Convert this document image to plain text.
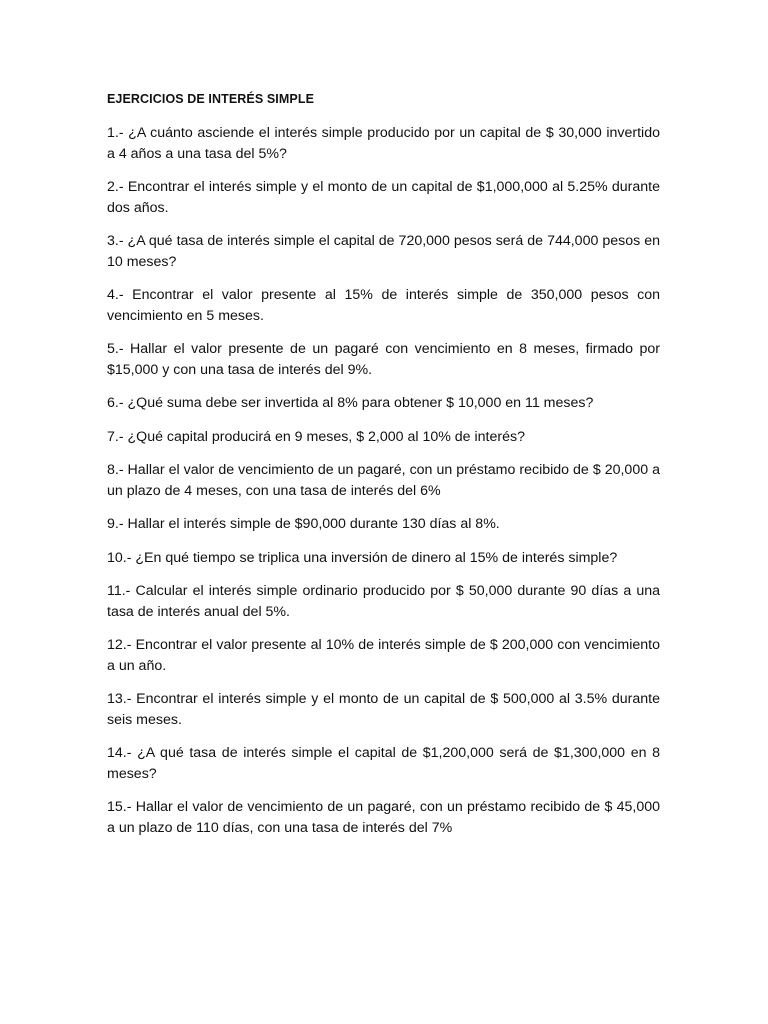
EJERCICIOS DE INTERÉS SIMPLE

1.- ¿A cuánto asciende el interés simple producido por un capital de $ 30,000 invertido a 4 años a una tasa del 5%?

2.- Encontrar el interés simple y el monto de un capital de $1,000,000 al 5.25% durante dos años.

3.- ¿A qué tasa de interés simple el capital de 720,000 pesos será de 744,000 pesos en 10 meses?

4.- Encontrar el valor presente al 15% de interés simple de 350,000 pesos con vencimiento en 5 meses.

5.- Hallar el valor presente de un pagaré con vencimiento en 8 meses, firmado por $15,000 y con una tasa de interés del 9%.

6.- ¿Qué suma debe ser invertida al 8% para obtener $ 10,000 en 11 meses?

7.- ¿Qué capital producirá en 9 meses, $ 2,000 al 10% de interés?

8.- Hallar el valor de vencimiento de un pagaré, con un préstamo recibido de $ 20,000 a un plazo de 4 meses, con una tasa de interés del 6%

9.- Hallar el interés simple de $90,000 durante 130 días al 8%.

10.- ¿En qué tiempo se triplica una inversión de dinero al 15% de interés simple?

11.- Calcular el interés simple ordinario producido por $ 50,000 durante 90 días a una tasa de interés anual del 5%.

12.- Encontrar el valor presente al 10% de interés simple de $ 200,000 con vencimiento a un año.

13.- Encontrar el interés simple y el monto de un capital de $ 500,000 al 3.5% durante seis meses.

14.- ¿A qué tasa de interés simple el capital de $1,200,000 será de $1,300,000 en 8 meses?

15.- Hallar el valor de vencimiento de un pagaré, con un préstamo recibido de $ 45,000 a un plazo de 110 días, con una tasa de interés del 7%
